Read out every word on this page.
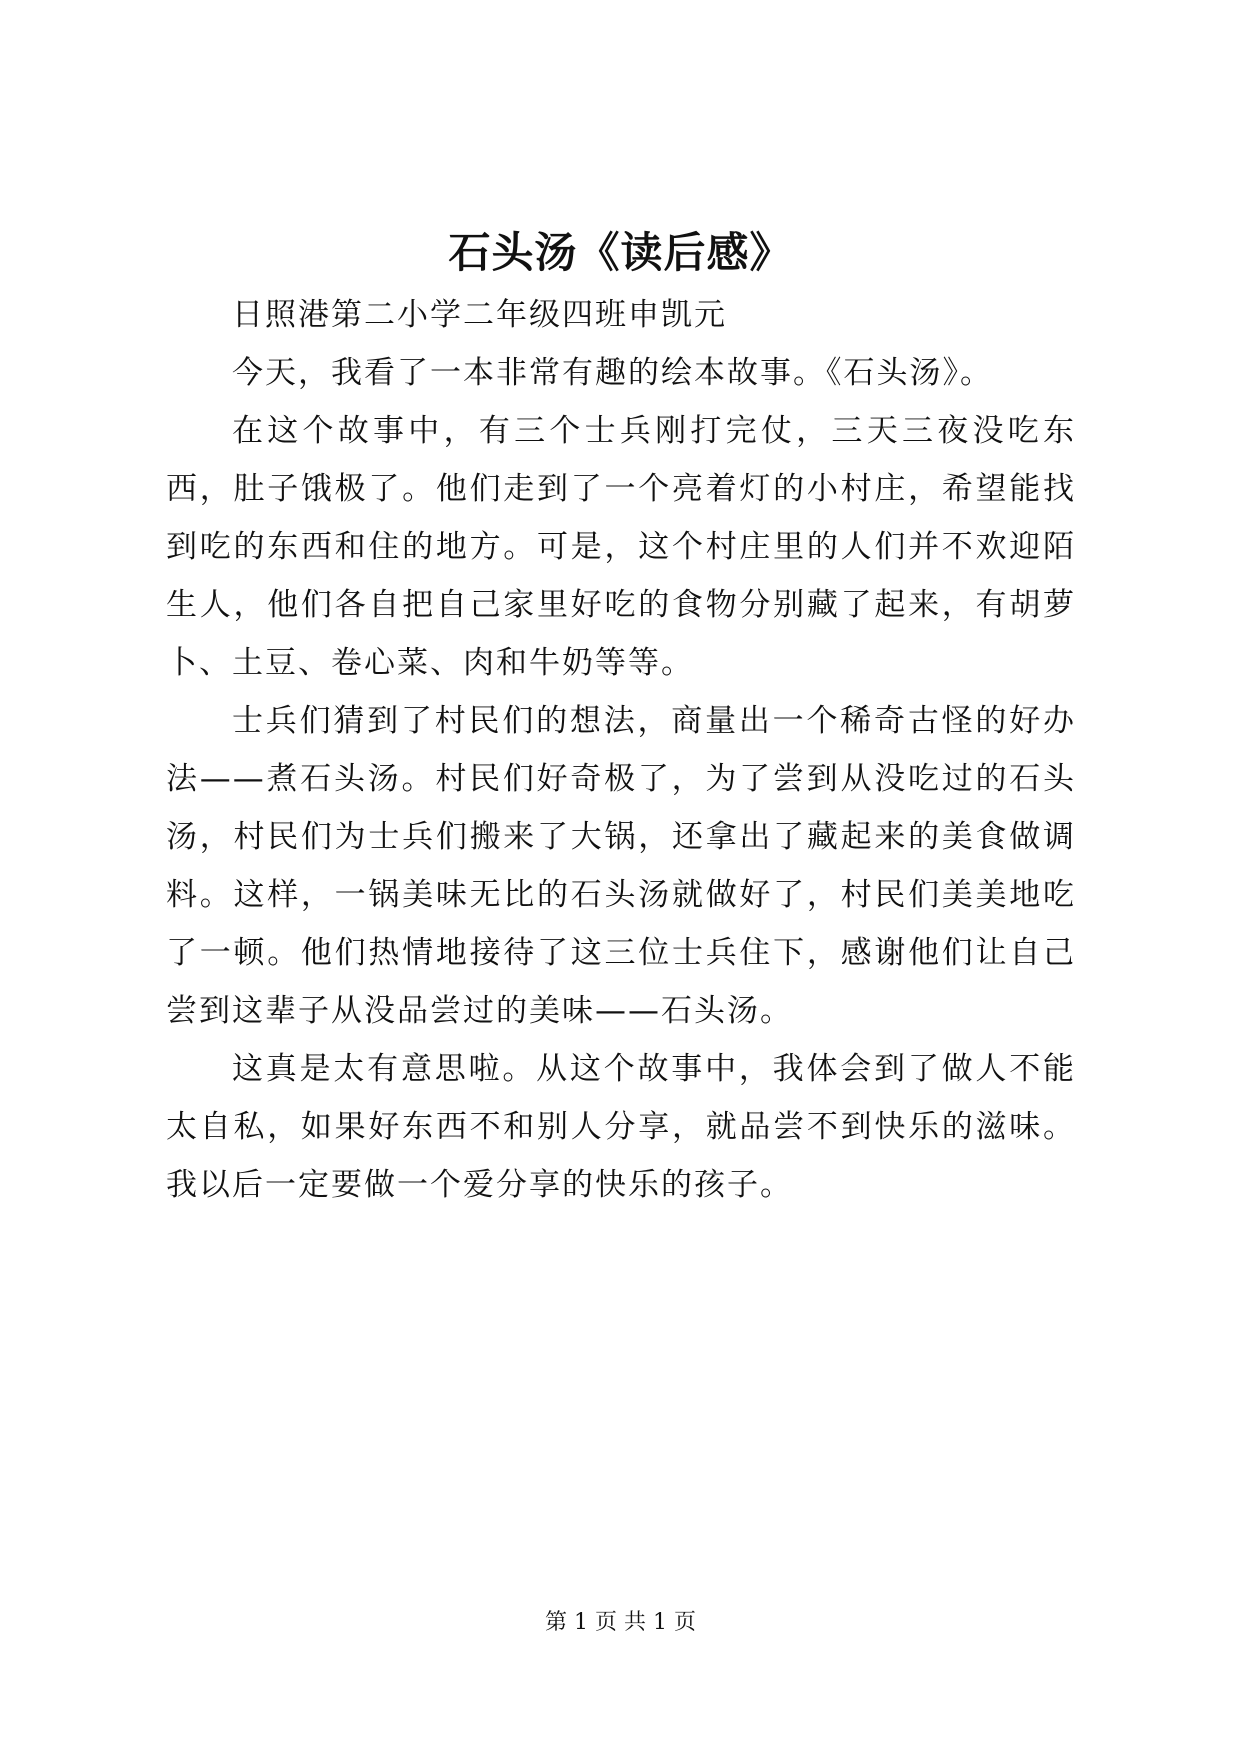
石头汤《读后感》

日照港第二小学二年级四班申凯元

今天，我看了一本非常有趣的绘本故事。《石头汤》。

在这个故事中，有三个士兵刚打完仗，三天三夜没吃东西，肚子饿极了。他们走到了一个亮着灯的小村庄，希望能找到吃的东西和住的地方。可是，这个村庄里的人们并不欢迎陌生人，他们各自把自己家里好吃的食物分别藏了起来，有胡萝卜、土豆、卷心菜、肉和牛奶等等。

士兵们猜到了村民们的想法，商量出一个稀奇古怪的好办法——煮石头汤。村民们好奇极了，为了尝到从没吃过的石头汤，村民们为士兵们搬来了大锅，还拿出了藏起来的美食做调料。这样，一锅美味无比的石头汤就做好了，村民们美美地吃了一顿。他们热情地接待了这三位士兵住下，感谢他们让自己尝到这辈子从没品尝过的美味——石头汤。

这真是太有意思啦。从这个故事中，我体会到了做人不能太自私，如果好东西不和别人分享，就品尝不到快乐的滋味。我以后一定要做一个爱分享的快乐的孩子。

第 1 页 共 1 页
